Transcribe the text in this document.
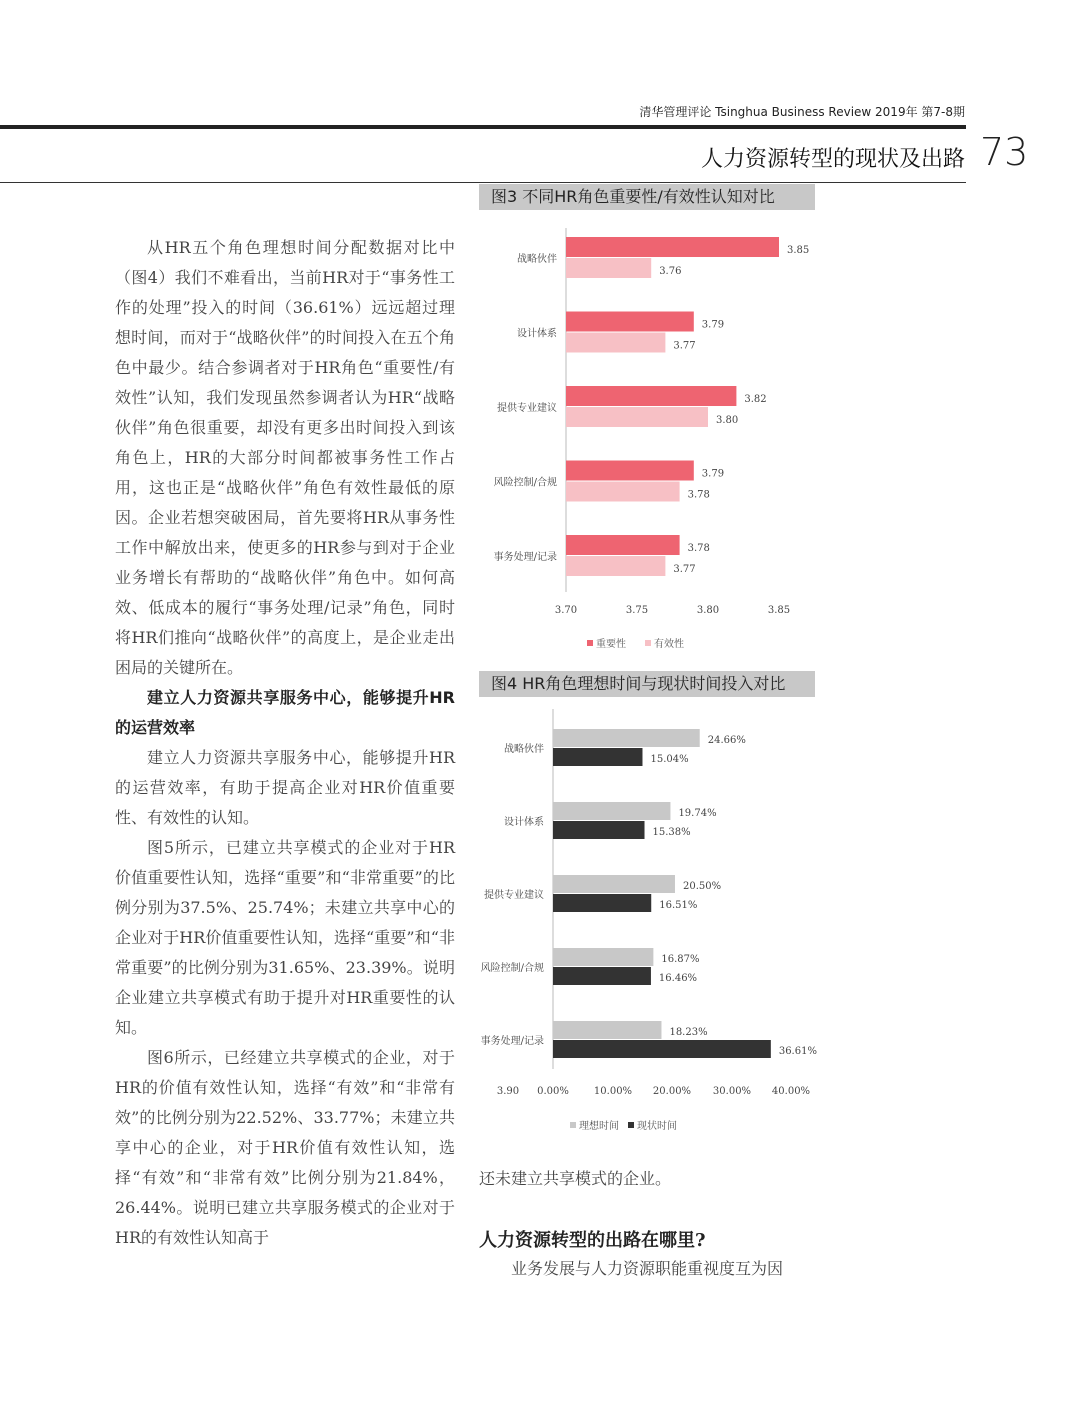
清华管理评论 Tsinghua Business Review 2019年 第7-8期
人力资源转型的现状及出路 73

从HR五个角色理想时间分配数据对比中（图4）我们不难看出，当前HR对于“事务性工作的处理”投入的时间（36.61%）远远超过理想时间，而对于“战略伙伴”的时间投入在五个角色中最少。结合参调者对于HR角色“重要性/有效性”认知，我们发现虽然参调者认为HR“战略伙伴”角色很重要，却没有更多出时间投入到该角色上，HR的大部分时间都被事务性工作占用，这也正是“战略伙伴”角色有效性最低的原因。企业若想突破困局，首先要将HR从事务性工作中解放出来，使更多的HR参与到对于企业业务增长有帮助的“战略伙伴”角色中。如何高效、低成本的履行“事务处理/记录”角色，同时将HR们推向“战略伙伴”的高度上，是企业走出困局的关键所在。

建立人力资源共享服务中心，能够提升HR的运营效率

建立人力资源共享服务中心，能够提升HR的运营效率，有助于提高企业对HR价值重要性、有效性的认知。

图5所示，已建立共享模式的企业对于HR价值重要性认知，选择“重要”和“非常重要”的比例分别为37.5%、25.74%；未建立共享中心的企业对于HR价值重要性认知，选择“重要”和“非常重要”的比例分别为31.65%、23.39%。说明企业建立共享模式有助于提升对HR重要性的认知。

图6所示，已经建立共享模式的企业，对于HR的价值有效性认知，选择“有效”和“非常有效”的比例分别为22.52%、33.77%；未建立共享中心的企业，对于HR价值有效性认知，选择“有效”和“非常有效”比例分别为21.84%，26.44%。说明已建立共享服务模式的企业对于HR的有效性认知高于

图3 不同HR角色重要性/有效性认知对比
战略伙伴
3.85
3.76
设计体系
3.79
3.77
提供专业建议
3.82
3.80
风险控制/合规
3.79
3.78
事务处理/记录
3.78
3.77
3.70	3.75	3.80	3.85
重要性	有效性
图4 HR角色理想时间与现状时间投入对比
战略伙伴
24.66%
15.04%
设计体系
19.74%
15.38%
提供专业建议
20.50%
16.51%
风险控制/合规
16.87%
16.46%
事务处理/记录
18.23%
36.61%
3.90 0.00%	10.00% 20.00% 30.00% 40.00%
理想时间 现状时间
还未建立共享模式的企业。
人力资源转型的出路在哪里?
业务发展与人力资源职能重视度互为因
